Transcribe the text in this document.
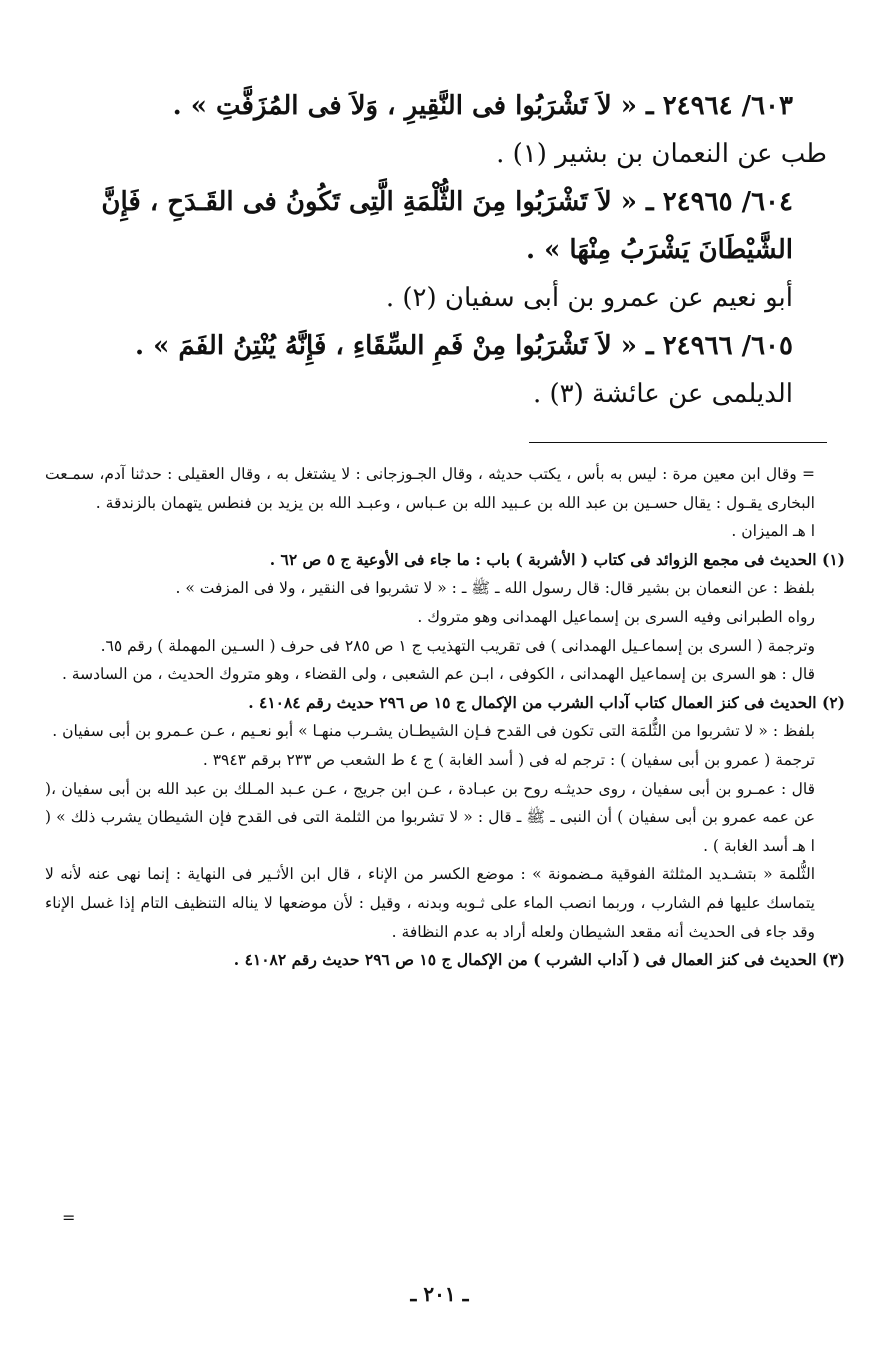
٦٠٣/ ٢٤٩٦٤ ـ « لاَ تَشْرَبُوا فى النَّقِيرِ ، وَلاَ فى المُزَفَّتِ » .

طب عن النعمان بن بشير (١) .

٦٠٤/ ٢٤٩٦٥ ـ « لاَ تَشْرَبُوا مِنَ الثُّلْمَةِ الَّتِى تَكُونُ فى القَـدَحِ ، فَإِنَّ الشَّيْطَانَ يَشْرَبُ مِنْهَا » .

أبو نعيم عن عمرو بن أبى سفيان (٢) .

٦٠٥/ ٢٤٩٦٦ ـ « لاَ تَشْرَبُوا مِنْ فَمِ السِّقَاءِ ، فَإِنَّهُ يُنْتِنُ الفَمَ » .

الديلمى عن عائشة (٣) .

= وقال ابن معين مرة : ليس به بأس ، يكتب حديثه ، وقال الجـوزجانى : لا يشتغل به ، وقال العقيلى : حدثنا آدم، سمـعت البخارى يقـول : يقال حسـين بن عبد الله بن عـبيد الله بن عـباس ، وعبـد الله بن يزيد بن فنطس يتهمان بالزندقة .

ا هـ الميزان .

(١) الحديث فى مجمع الزوائد فى كتاب ( الأشربة ) باب : ما جاء فى الأوعية ج ٥ ص ٦٢ .

بلفظ : عن النعمان بن بشير قال: قال رسول الله ـ ﷺ ـ : « لا تشربوا فى النقير ، ولا فى المزفت » .

رواه الطبرانى وفيه السرى بن إسماعيل الهمدانى وهو متروك .

وترجمة ( السرى بن إسماعـيل الهمدانى ) فى تقريب التهذيب ج ١ ص ٢٨٥ فى حرف ( السـين المهملة ) رقم ٦٥.

قال : هو السرى بن إسماعيل الهمدانى ، الكوفى ، ابـن عم الشعبى ، ولى القضاء ، وهو متروك الحديث ، من السادسة .

(٢) الحديث فى كنز العمال كتاب آداب الشرب من الإكمال ج ١٥ ص ٢٩٦ حديث رقم ٤١٠٨٤ .

بلفظ : « لا تشربوا من الثُّلمَة التى تكون فى القدح فـإن الشيطـان يشـرب منهـا » أبو نعـيم ، عـن عـمرو بن أبى سفيان .

ترجمة ( عمرو بن أبى سفيان ) : ترجم له فى ( أسد الغابة ) ج ٤ ط الشعب ص ٢٣٣ برقم ٣٩٤٣ .

قال : عمـرو بن أبى سفيان ، روى حديثـه روح بن عبـادة ، عـن ابن جريج ، عـن عـبد المـلك بن عبد الله بن أبى سفيان ،( عن عمه عمرو بن أبى سفيان ) أن النبى ـ ﷺ ـ قال : « لا تشربوا من الثلمة التى فى القدح فإن الشيطان يشرب ذلك » ( ا هـ أسد الغابة ) .

الثُّلمة « بتشـديد المثلثة الفوقية مـضمونة » : موضع الكسر من الإناء ، قال ابن الأثـير فى النهاية : إنما نهى عنه لأنه لا يتماسك عليها فم الشارب ، وربما انصب الماء على ثـوبه وبدنه ، وقيل : لأن موضعها لا يناله التنظيف التام إذا غسل الإناء وقد جاء فى الحديث أنه مقعد الشيطان ولعله أراد به عدم النظافة .

(٣) الحديث فى كنز العمال فى ( آداب الشرب ) من الإكمال ج ١٥ ص ٢٩٦ حديث رقم ٤١٠٨٢ .

=
ـ ٢٠١ ـ
